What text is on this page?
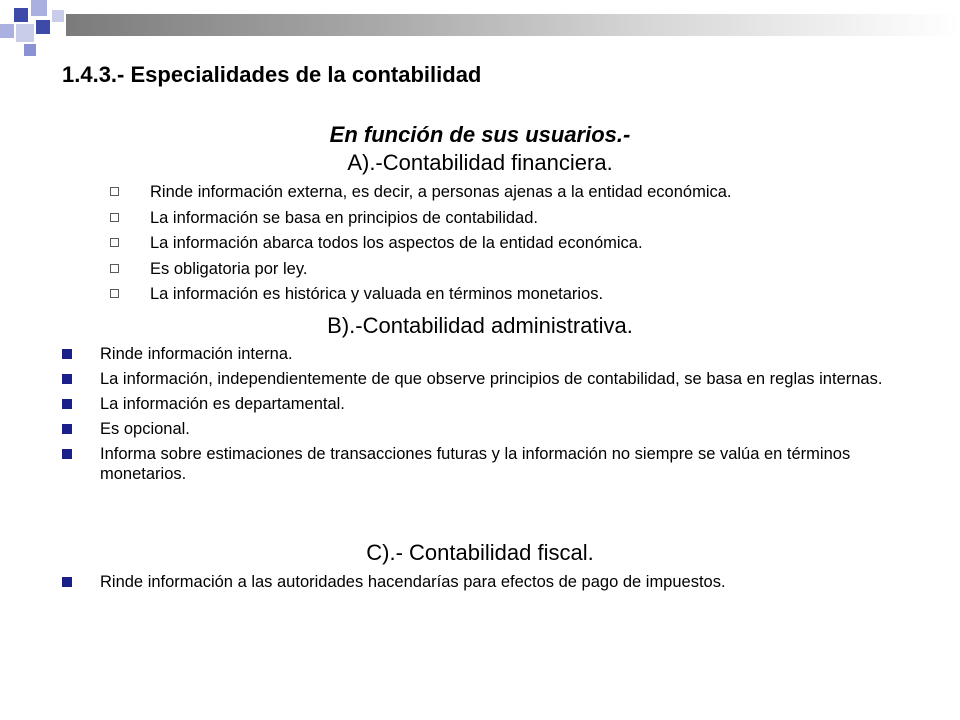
1.4.3.- Especialidades de la contabilidad
En función de sus usuarios.-
A).-Contabilidad financiera.
Rinde información externa, es decir, a personas ajenas a la entidad económica.
La información se basa en principios de contabilidad.
La información abarca todos los aspectos de la entidad económica.
Es obligatoria por ley.
La información es histórica y valuada en términos monetarios.
B).-Contabilidad administrativa.
Rinde información interna.
La información, independientemente de que observe principios de contabilidad, se basa en reglas internas.
La información es departamental.
Es opcional.
Informa sobre estimaciones de transacciones futuras y la información no siempre se valúa en términos monetarios.
C).- Contabilidad fiscal.
Rinde información a las autoridades hacendarías para efectos de pago de impuestos.
